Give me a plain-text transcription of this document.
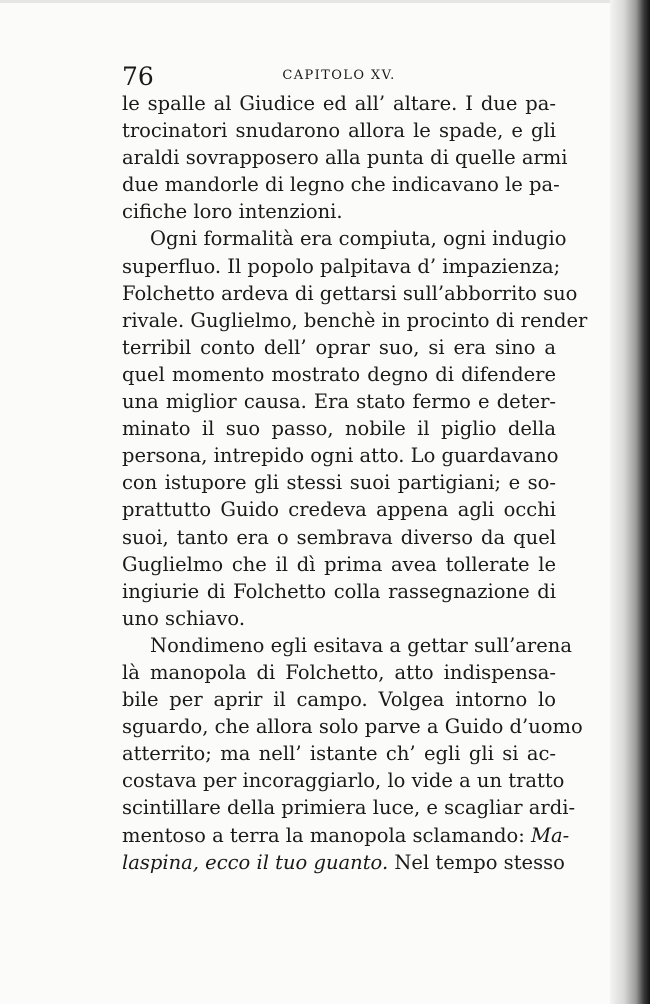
76	CAPITOLO XV.
le spalle al Giudice ed all’ altare. I due pa-
trocinatori snudarono allora le spade, e gli
araldi sovrapposero alla punta di quelle armi
due mandorle di legno che indicavano le pa-
cifiche loro intenzioni.
Ogni formalità era compiuta, ogni indugio
superfluo. Il popolo palpitava d’ impazienza;
Folchetto ardeva di gettarsi sull’abborrito suo
rivale. Guglielmo, benchè in procinto di render
terribil conto dell’ oprar suo, si era sino a
quel momento mostrato degno di difendere
una miglior causa. Era stato fermo e deter-
minato il suo passo, nobile il piglio della
persona, intrepido ogni atto. Lo guardavano
con istupore gli stessi suoi partigiani; e so-
prattutto Guido credeva appena agli occhi
suoi, tanto era o sembrava diverso da quel
Guglielmo che il dì prima avea tollerate le
ingiurie di Folchetto colla rassegnazione di
uno schiavo.
Nondimeno egli esitava a gettar sull’arena
là manopola di Folchetto, atto indispensa-
bile per aprir il campo. Volgea intorno lo
sguardo, che allora solo parve a Guido d’uomo
atterrito; ma nell’ istante ch’ egli gli si ac-
costava per incoraggiarlo, lo vide a un tratto
scintillare della primiera luce, e scagliar ardi-
mentoso a terra la manopola sclamando: Ma-
laspina, ecco il tuo guanto. Nel tempo stesso
